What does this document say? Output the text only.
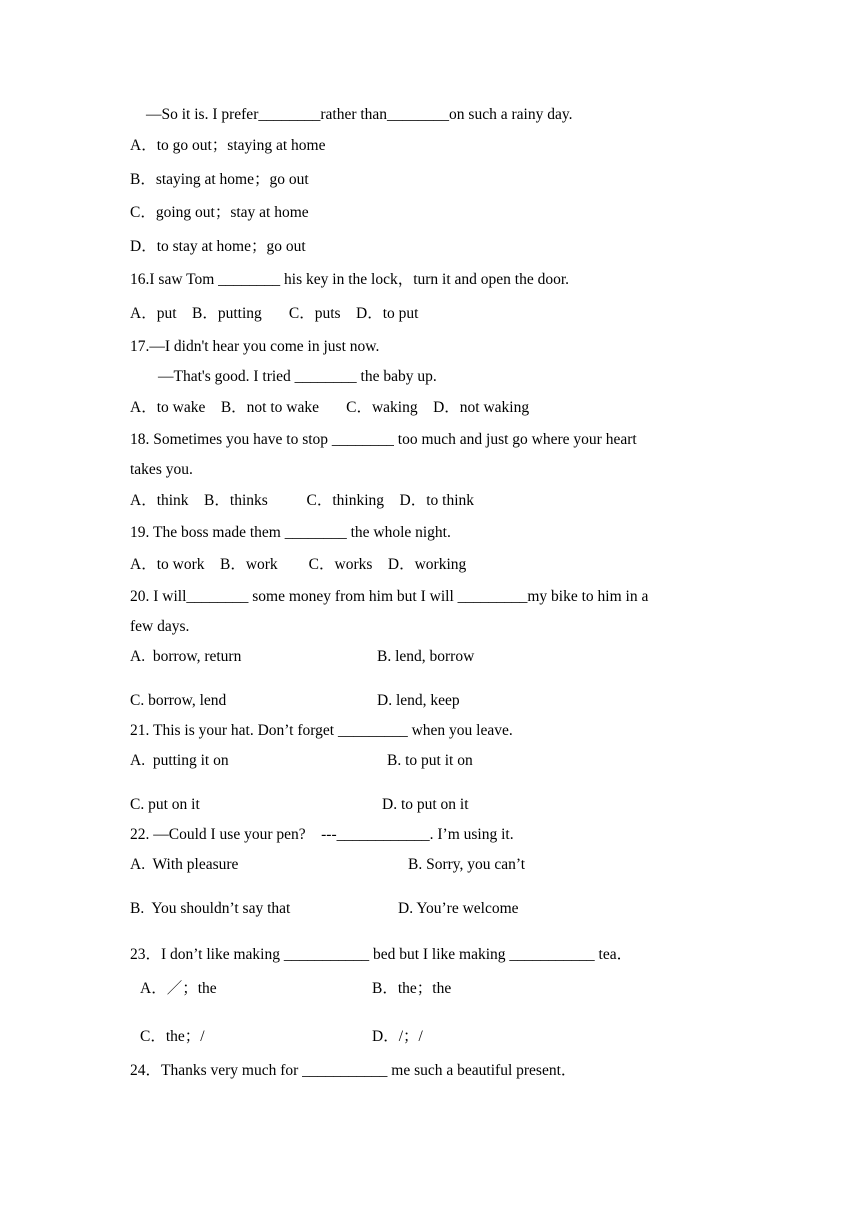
—So it is. I prefer________rather than________on such a rainy day.
A．to go out；staying at home
B．staying at home；go out
C．going out；stay at home
D．to stay at home；go out
16.I saw Tom ________ his key in the lock，turn it and open the door.
A．put    B．putting       C．puts    D．to put
17.—I didn't hear you come in just now.
—That's good. I tried ________ the baby up.
A．to wake    B．not to wake       C．waking    D．not waking
18. Sometimes you have to stop ________ too much and just go where your heart
takes you.
A．think    B．thinks          C．thinking    D．to think
19. The boss made them ________ the whole night.
A．to work    B．work        C．works    D．working
20. I will________ some money from him but I will _________my bike to him in a
few days.
A.  borrow, return	B. lend, borrow
C. borrow, lend	D. lend, keep
21. This is your hat. Don’t forget _________ when you leave.
A.  putting it on	B. to put it on
C. put on it	D. to put on it
22. —Could I use your pen?    ---____________. I’m using it.
A.  With pleasure	B. Sorry, you can’t
B.  You shouldn’t say that	D. You’re welcome
23．I don’t like making ___________ bed but I like making ___________ tea．
A．／；the	B．the；the
C．the；/	D．/；/
24．Thanks very much for ___________ me such a beautiful present．
